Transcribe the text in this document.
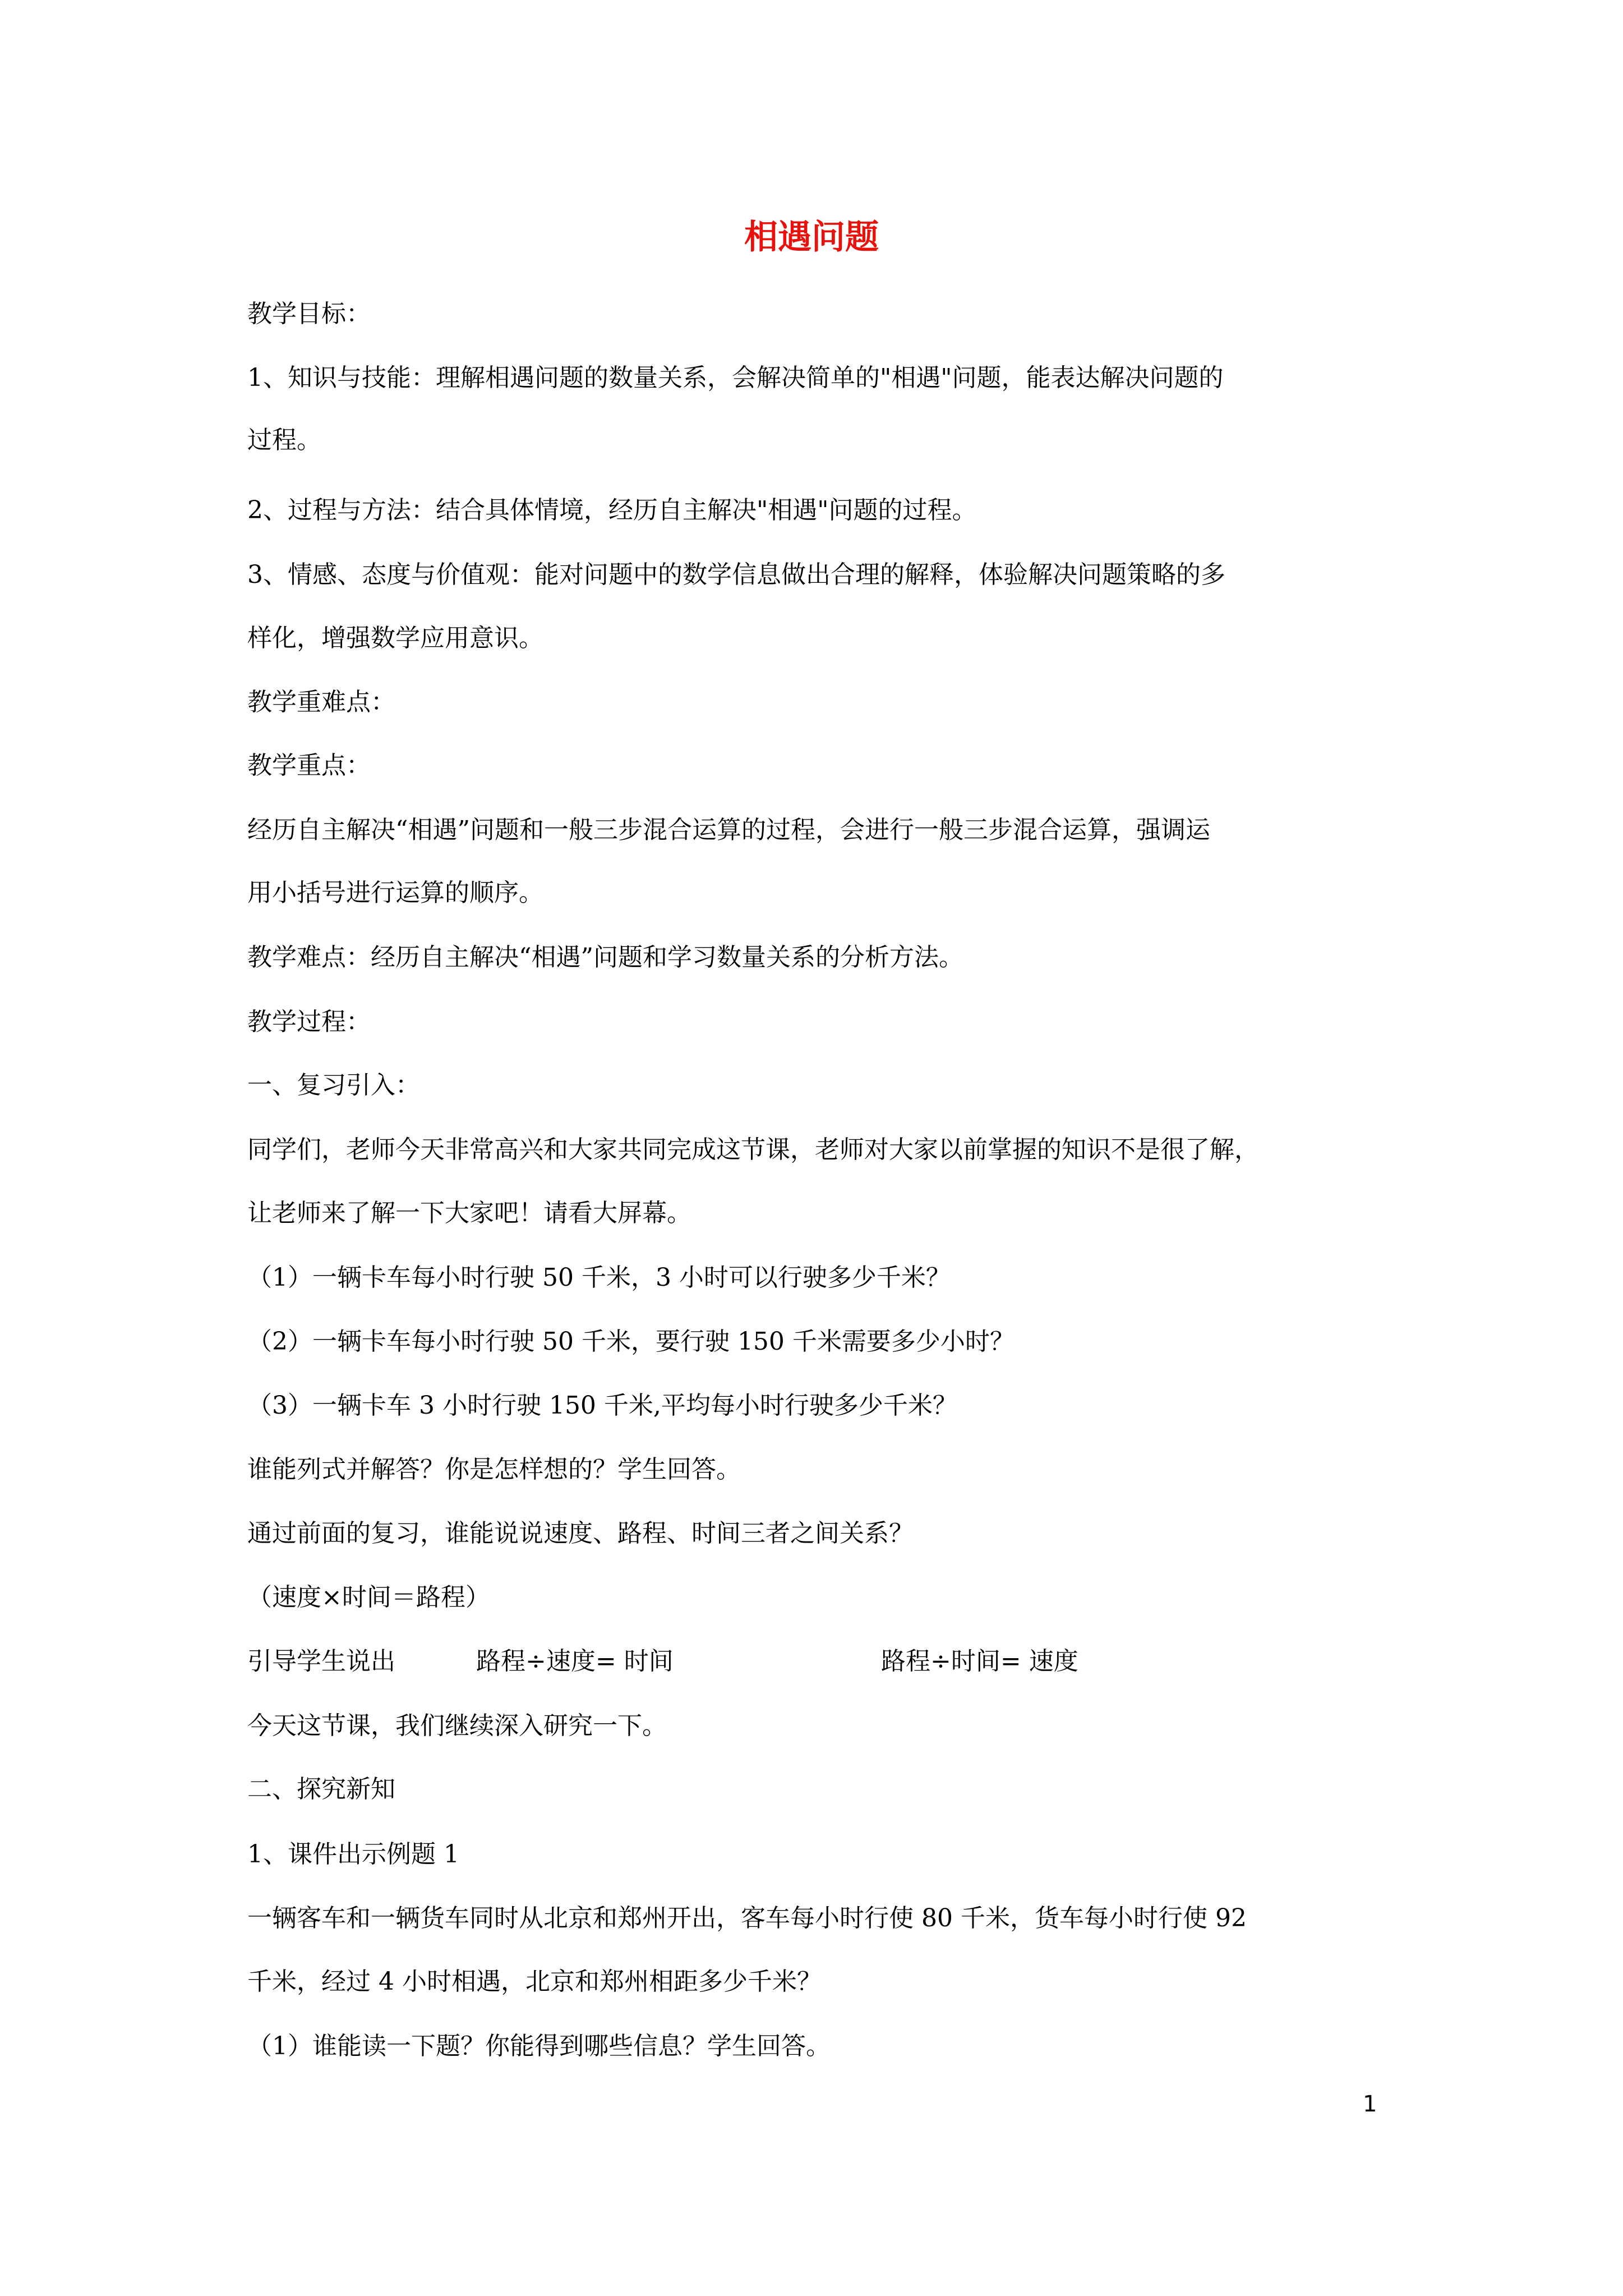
相遇问题

教学目标：

1、知识与技能：理解相遇问题的数量关系，会解决简单的"相遇"问题，能表达解决问题的

过程。

2、过程与方法：结合具体情境，经历自主解决"相遇"问题的过程。

3、情感、态度与价值观：能对问题中的数学信息做出合理的解释，体验解决问题策略的多

样化，增强数学应用意识。

教学重难点：

教学重点：

经历自主解决“相遇”问题和一般三步混合运算的过程，会进行一般三步混合运算，强调运

用小括号进行运算的顺序。

教学难点：经历自主解决“相遇”问题和学习数量关系的分析方法。

教学过程：

一、复习引入：

同学们，老师今天非常高兴和大家共同完成这节课，老师对大家以前掌握的知识不是很了解，

让老师来了解一下大家吧！请看大屏幕。

（1）一辆卡车每小时行驶 50 千米，3 小时可以行驶多少千米？

（2）一辆卡车每小时行驶 50 千米，要行驶 150 千米需要多少小时？

（3）一辆卡车 3 小时行驶 150 千米,平均每小时行驶多少千米？

谁能列式并解答？你是怎样想的？学生回答。

通过前面的复习，谁能说说速度、路程、时间三者之间关系？

（速度×时间＝路程）

引导学生说出	路程÷速度= 时间	路程÷时间= 速度

今天这节课，我们继续深入研究一下。

二、探究新知

1、课件出示例题 1

一辆客车和一辆货车同时从北京和郑州开出，客车每小时行使 80 千米，货车每小时行使 92

千米，经过 4 小时相遇，北京和郑州相距多少千米？

（1）谁能读一下题？你能得到哪些信息？学生回答。

1
